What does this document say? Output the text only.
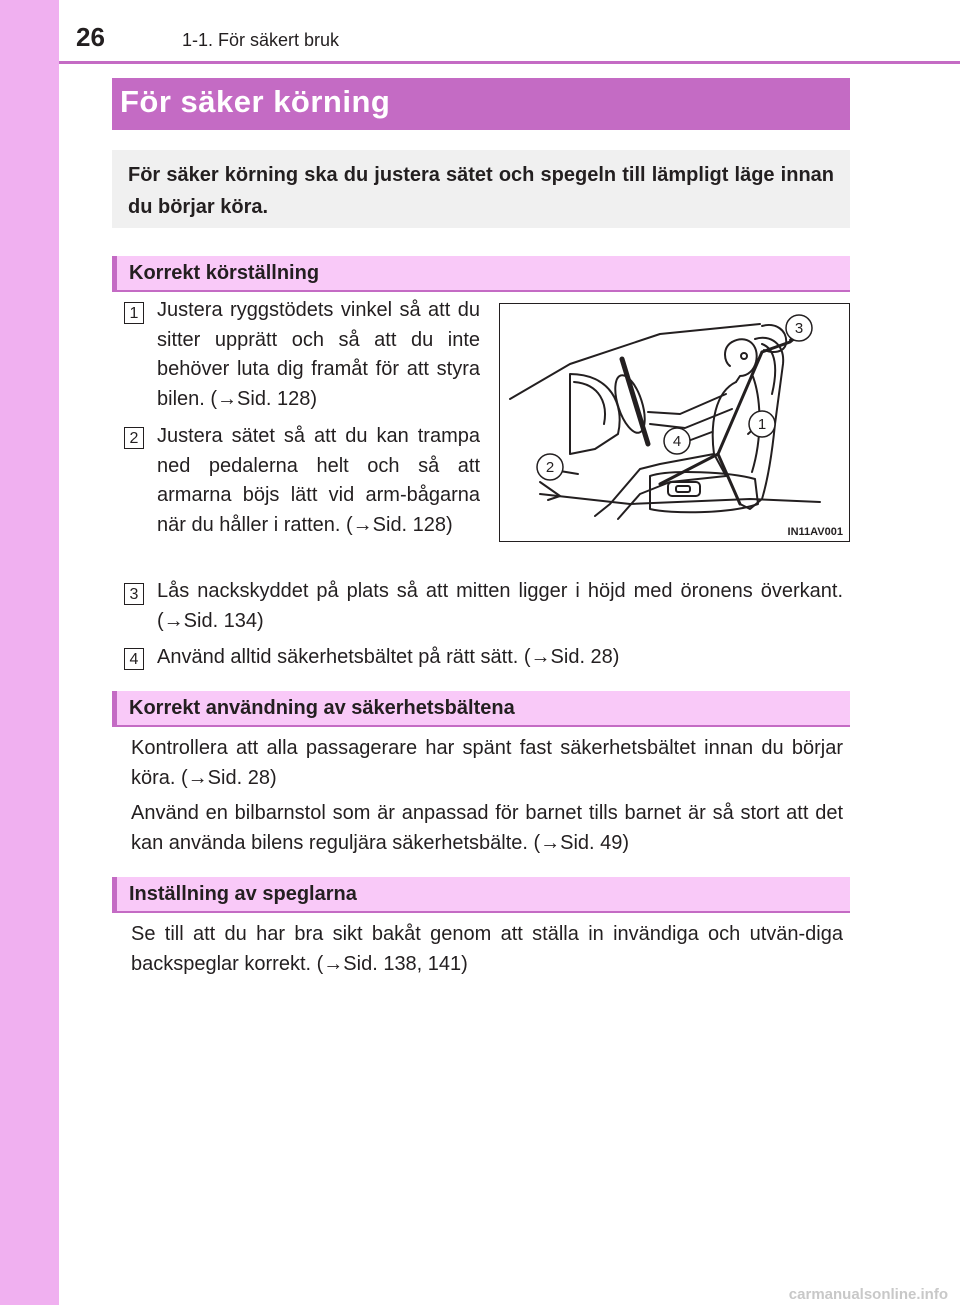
26	1-1. För säkert bruk
För säker körning

För säker körning ska du justera sätet och spegeln till lämpligt läge innan du börjar köra.

Korrekt körställning
1 Justera ryggstödets vinkel så att du sitter upprätt och så att du inte behöver luta dig framåt för att styra bilen. (→Sid. 128)

2 Justera sätet så att du kan trampa ned pedalerna helt och så att armarna böjs lätt vid arm-bågarna när du håller i ratten. (→Sid. 128)

1
2
3
4
IN11AV001
3 Lås nackskyddet på plats så att mitten ligger i höjd med öronens överkant. (→Sid. 134)

4 Använd alltid säkerhetsbältet på rätt sätt. (→Sid. 28)

Korrekt användning av säkerhetsbältena

Kontrollera att alla passagerare har spänt fast säkerhetsbältet innan du börjar köra. (→Sid. 28)

Använd en bilbarnstol som är anpassad för barnet tills barnet är så stort att det kan använda bilens reguljära säkerhetsbälte. (→Sid. 49)

Inställning av speglarna

Se till att du har bra sikt bakåt genom att ställa in invändiga och utvän-diga backspeglar korrekt. (→Sid. 138, 141)

carmanualsonline.info
